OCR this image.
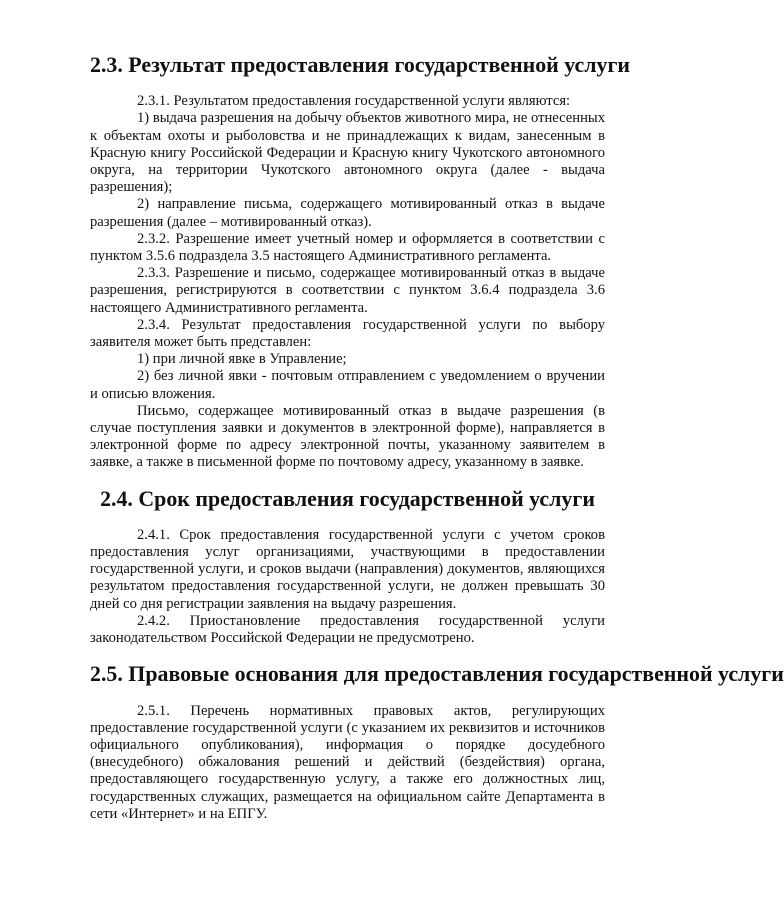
2.3. Результат предоставления государственной услуги

2.3.1. Результатом предоставления государственной услуги являются:

1) выдача разрешения на добычу объектов животного мира, не отнесенных к объектам охоты и рыболовства и не принадлежащих к видам, занесенным в Красную книгу Российской Федерации и Красную книгу Чукотского автономного округа, на территории Чукотского автономного округа (далее - выдача разрешения);

2) направление письма, содержащего мотивированный отказ в выдаче разрешения (далее – мотивированный отказ).

2.3.2. Разрешение имеет учетный номер и оформляется в соответствии с пунктом 3.5.6 подраздела 3.5 настоящего Административного регламента.

2.3.3. Разрешение и письмо, содержащее мотивированный отказ в выдаче разрешения, регистрируются в соответствии с пунктом 3.6.4 подраздела 3.6 настоящего Административного регламента.

2.3.4. Результат предоставления государственной услуги по выбору заявителя может быть представлен:

1) при личной явке в Управление;

2) без личной явки - почтовым отправлением с уведомлением о вручении и описью вложения.

Письмо, содержащее мотивированный отказ в выдаче разрешения (в случае поступления заявки и документов в электронной форме), направляется в электронной форме по адресу электронной почты, указанному заявителем в заявке, а также в письменной форме по почтовому адресу, указанному в заявке.

2.4. Срок предоставления государственной услуги

2.4.1. Срок предоставления государственной услуги с учетом сроков предоставления услуг организациями, участвующими в предоставлении государственной услуги, и сроков выдачи (направления) документов, являющихся результатом предоставления государственной услуги, не должен превышать 30 дней со дня регистрации заявления на выдачу разрешения.

2.4.2. Приостановление предоставления государственной услуги законодательством Российской Федерации не предусмотрено.

2.5. Правовые основания для предоставления государственной услуги

2.5.1. Перечень нормативных правовых актов, регулирующих предоставление государственной услуги (с указанием их реквизитов и источников официального опубликования), информация о порядке досудебного (внесудебного) обжалования решений и действий (бездействия) органа, предоставляющего государственную услугу, а также его должностных лиц, государственных служащих, размещается на официальном сайте Департамента в сети «Интернет» и на ЕПГУ.
